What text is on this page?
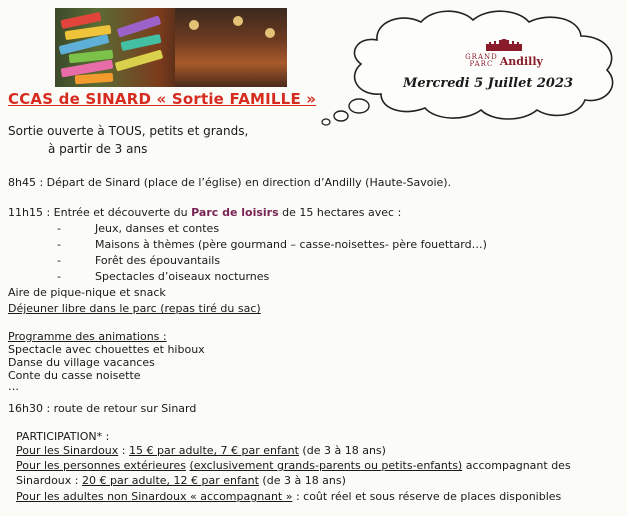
GRAND
PARC Andilly
Mercredi 5 Juillet 2023
CCAS de SINARD « Sortie FAMILLE »
Sortie ouverte à TOUS, petits et grands,
à partir de 3 ans
8h45 : Départ de Sinard (place de l’église) en direction d’Andilly (Haute-Savoie).
11h15 : Entrée et découverte du Parc de loisirs de 15 hectares avec :
-	Jeux, danses et contes
-	Maisons à thèmes (père gourmand – casse-noisettes- père fouettard…)
-	Forêt des épouvantails
-	Spectacles d’oiseaux nocturnes
Aire de pique-nique et snack
Déjeuner libre dans le parc (repas tiré du sac)
Programme des animations :
Spectacle avec chouettes et hiboux
Danse du village vacances
Conte du casse noisette
…
16h30 : route de retour sur Sinard
PARTICIPATION* :
Pour les Sinardoux : 15 € par adulte, 7 € par enfant (de 3 à 18 ans)
Pour les personnes extérieures (exclusivement grands-parents ou petits-enfants) accompagnant des
Sinardoux : 20 € par adulte, 12 € par enfant (de 3 à 18 ans)
Pour les adultes non Sinardoux « accompagnant » : coût réel et sous réserve de places disponibles
